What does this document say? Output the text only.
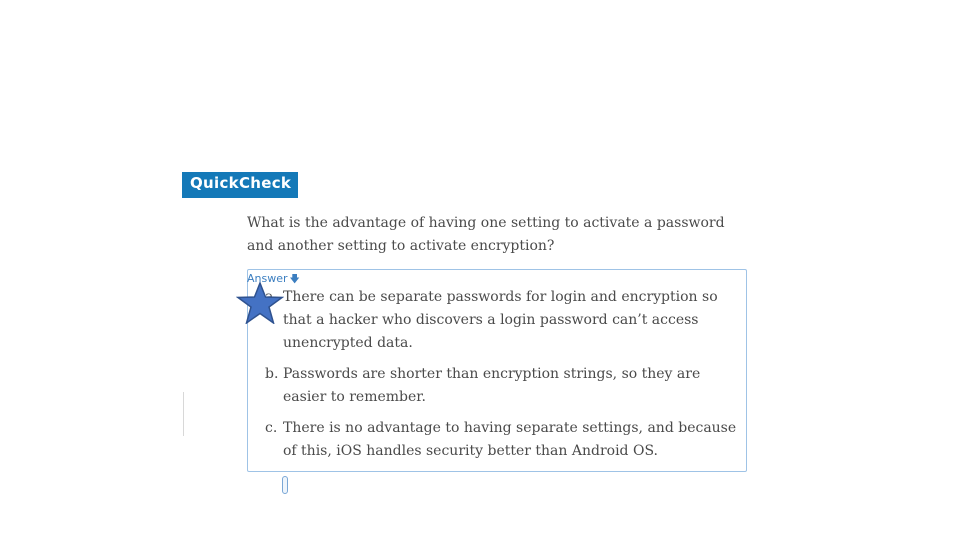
QuickCheck
What is the advantage of having one setting to activate a password and another setting to activate encryption?
Answer 🡇
There can be separate passwords for login and encryption so that a hacker who discovers a login password can’t access unencrypted data.
b. Passwords are shorter than encryption strings, so they are easier to remember.
c. There is no advantage to having separate settings, and because of this, iOS handles security better than Android OS.
